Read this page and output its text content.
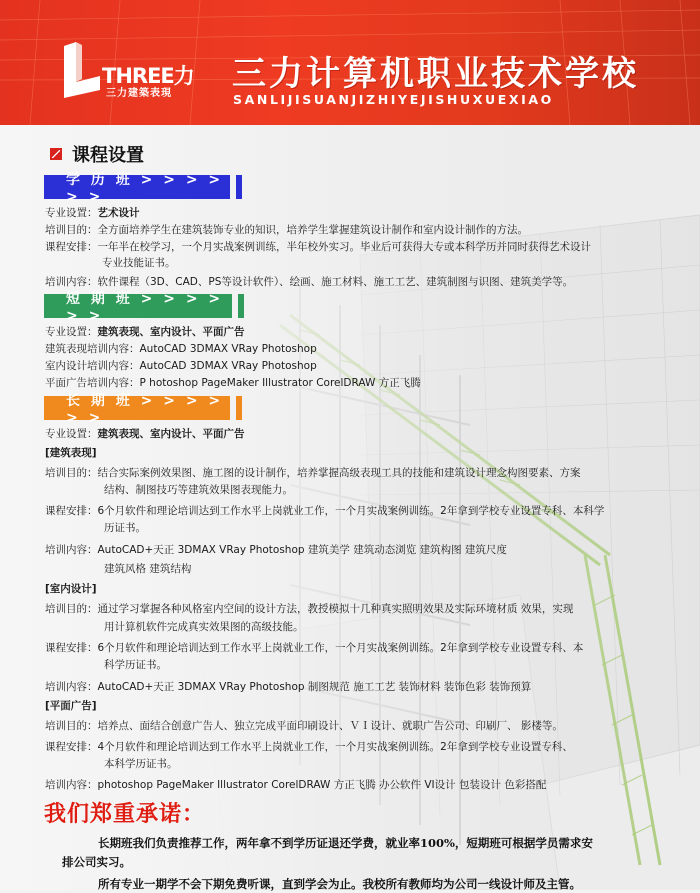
THREE力
三力建築表現 三力计算机职业技术学校
SANLIJISUANJIZHIYEJISHUXUEXIAO
课程设置
学 历 班 > > > > > >
专业设置：艺术设计
培训目的：全方面培养学生在建筑装饰专业的知识，培养学生掌握建筑设计制作和室内设计制作的方法。
课程安排：一年半在校学习，一个月实战案例训练，半年校外实习。毕业后可获得大专或本科学历并同时获得艺术设计
专业技能证书。
培训内容：软件课程（3D、CAD、PS等设计软件）、绘画、施工材料、施工工艺、建筑制图与识图、建筑美学等。
短 期 班 > > > > > >
专业设置：建筑表现、室内设计、平面广告
建筑表现培训内容：AutoCAD 3DMAX VRay Photoshop
室内设计培训内容：AutoCAD 3DMAX VRay Photoshop
平面广告培训内容：P hotoshop PageMaker Illustrator CorelDRAW 方正飞腾
长 期 班 > > > > > >
专业设置：建筑表现、室内设计、平面广告
[建筑表现]
培训目的：结合实际案例效果图、施工图的设计制作，培养掌握高级表现工具的技能和建筑设计理念构图要素、方案
结构、制图技巧等建筑效果图表现能力。
课程安排：6个月软件和理论培训达到工作水平上岗就业工作，一个月实战案例训练。2年拿到学校专业设置专科、本科学
历证书。
培训内容：AutoCAD+天正 3DMAX VRay Photoshop 建筑美学 建筑动态浏览 建筑构图 建筑尺度
建筑风格 建筑结构
[室内设计]
培训目的：通过学习掌握各种风格室内空间的设计方法，教授模拟十几种真实照明效果及实际环境材质 效果，实现
用计算机软件完成真实效果图的高级技能。
课程安排：6个月软件和理论培训达到工作水平上岗就业工作，一个月实战案例训练。2年拿到学校专业设置专科、本
科学历证书。
培训内容：AutoCAD+天正 3DMAX VRay Photoshop 制图规范 施工工艺 装饰材料 装饰色彩 装饰预算
[平面广告]
培训目的：培养点、面结合创意广告人、独立完成平面印刷设计、ＶＩ设计、就职广告公司、印刷厂、 影楼等。
课程安排：4个月软件和理论培训达到工作水平上岗就业工作，一个月实战案例训练。2年拿到学校专业设置专科、
本科学历证书。
培训内容：photoshop PageMaker Illustrator CorelDRAW 方正飞腾 办公软件 VI设计 包装设计 色彩搭配
我们郑重承诺：
长期班我们负责推荐工作，两年拿不到学历证退还学费，就业率100%，短期班可根据学员需求安
排公司实习。
所有专业一期学不会下期免费听课，直到学会为止。我校所有教师均为公司一线设计师及主管。
